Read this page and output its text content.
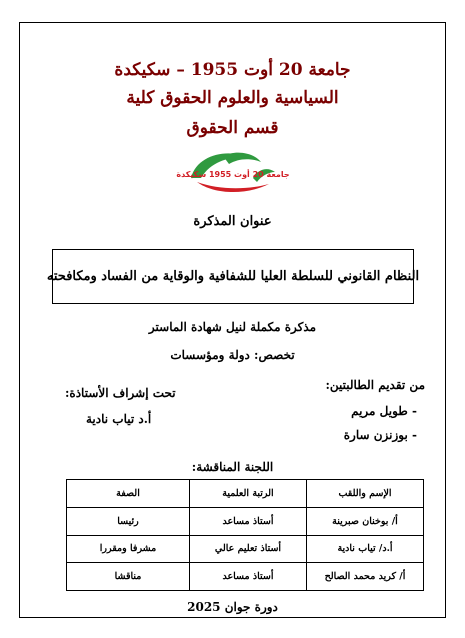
جامعة 20 أوت 1955 – سكيكدة
السياسية والعلوم الحقوق كلية
قسم الحقوق
جامعة 20 أوت 1955 سكيكدة
عنوان المذكرة
النظام القانوني للسلطة العليا للشفافية والوقاية من الفساد ومكافحته
مذكرة مكملة لنيل شهادة الماستر
تخصص: دولة ومؤسسات
من تقديم الطالبتين:
- طويل مريم
- بوزنزن سارة
تحت إشراف الأستاذة:
أ.د تياب نادية
اللجنة المناقشة:
الإسم واللقب	الرتبة العلمية	الصفة
أ/ بوخنان صبرينة	أستاذ مساعد	رئيسا
أ.د/ تياب نادية	أستاذ تعليم عالي	مشرفا ومقررا
أ/ كريد محمد الصالح	أستاذ مساعد	مناقشا
دورة جوان 2025
